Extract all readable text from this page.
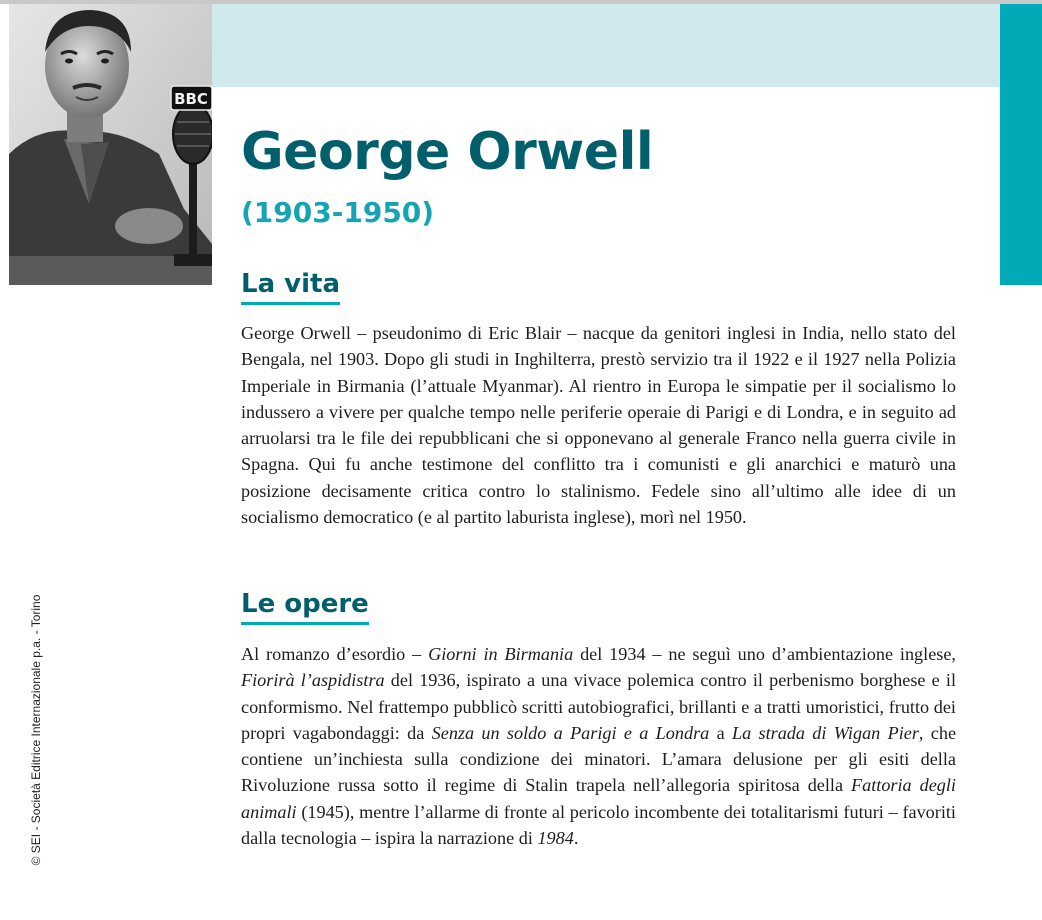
BBC
George Orwell
(1903-1950)
La vita

George Orwell – pseudonimo di Eric Blair – nacque da genitori inglesi in India, nello stato del Bengala, nel 1903. Dopo gli studi in Inghilterra, prestò servizio tra il 1922 e il 1927 nella Polizia Imperiale in Birmania (l’attuale Myanmar). Al rientro in Europa le simpatie per il socialismo lo indussero a vivere per qualche tempo nelle periferie operaie di Parigi e di Londra, e in seguito ad arruolarsi tra le file dei repubblicani che si opponevano al generale Franco nella guerra civile in Spagna. Qui fu anche testimone del conflitto tra i comunisti e gli anarchici e maturò una posizione decisamente critica contro lo stalinismo. Fedele sino all’ultimo alle idee di un socialismo democratico (e al partito laburista inglese), morì nel 1950.

Le opere

Al romanzo d’esordio – Giorni in Birmania del 1934 – ne seguì uno d’ambientazione inglese, Fiorirà l’aspidistra del 1936, ispirato a una vivace polemica contro il perbenismo borghese e il conformismo. Nel frattempo pubblicò scritti autobiografici, brillanti e a tratti umoristici, frutto dei propri vagabondaggi: da Senza un soldo a Parigi e a Londra a La strada di Wigan Pier, che contiene un’inchiesta sulla condizione dei minatori. L’amara delusione per gli esiti della Rivoluzione russa sotto il regime di Stalin trapela nell’allegoria spiritosa della Fattoria degli animali (1945), mentre l’allarme di fronte al pericolo incombente dei totalitarismi futuri – favoriti dalla tecnologia – ispira la narrazione di 1984.

© SEI - Società Editrice Internazionale p.a. - Torino
